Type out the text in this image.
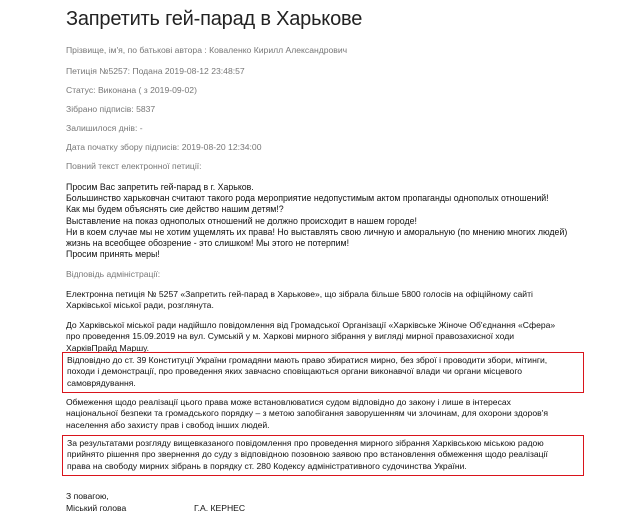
Запретить гей-парад в Харькове
Прізвище, ім'я, по батькові автора : Коваленко Кирилл Александрович
Петиція №5257: Подана 2019-08-12 23:48:57
Статус: Виконана ( з 2019-09-02)
Зібрано підписів: 5837
Залишилося днів: -
Дата початку збору підписів: 2019-08-20 12:34:00
Повний текст електронної петиції:
Просим Вас запретить гей-парад в г. Харьков.
Большинство харьковчан считают такого рода мероприятие недопустимым актом пропаганды однополых отношений!
Как мы будем объяснять сие действо нашим детям!?
Выставление на показ однополых отношений не должно происходит в нашем городе!
Ни в коем случае мы не хотим ущемлять их права! Но выставлять свою личную и аморальную (по мнению многих людей)
жизнь на всеобщее обозрение - это слишком! Мы этого не потерпим!
Просим принять меры!
Відповідь адміністрації:
Електронна петиція № 5257 «Запретить гей-парад в Харькове», що зібрала більше 5800 голосів на офіційному сайті
Харківської міської ради, розглянута.
До Харківської міської ради надійшло повідомлення від Громадської Організації «Харківське Жіноче Об'єднання «Сфера»
про проведення 15.09.2019 на вул. Сумській у м. Харкові мирного зібрання у вигляді мирної правозахисної ходи
ХарківПрайд Маршу.
Відповідно до ст. 39 Конституції України громадяни мають право збиратися мирно, без зброї і проводити збори, мітинги,
походи і демонстрації, про проведення яких завчасно сповіщаються органи виконавчої влади чи органи місцевого
самоврядування.
Обмеження щодо реалізації цього права може встановлюватися судом відповідно до закону і лише в інтересах
національної безпеки та громадського порядку – з метою запобігання заворушенням чи злочинам, для охорони здоров'я
населення або захисту прав і свобод інших людей.
За результатами розгляду вищевказаного повідомлення про проведення мирного зібрання Харківською міською радою
прийнято рішення про звернення до суду з відповідною позовною заявою про встановлення обмеження щодо реалізації
права на свободу мирних зібрань в порядку ст. 280 Кодексу адміністративного судочинства України.
З повагою,
Міський голова	Г.А. КЕРНЕС
